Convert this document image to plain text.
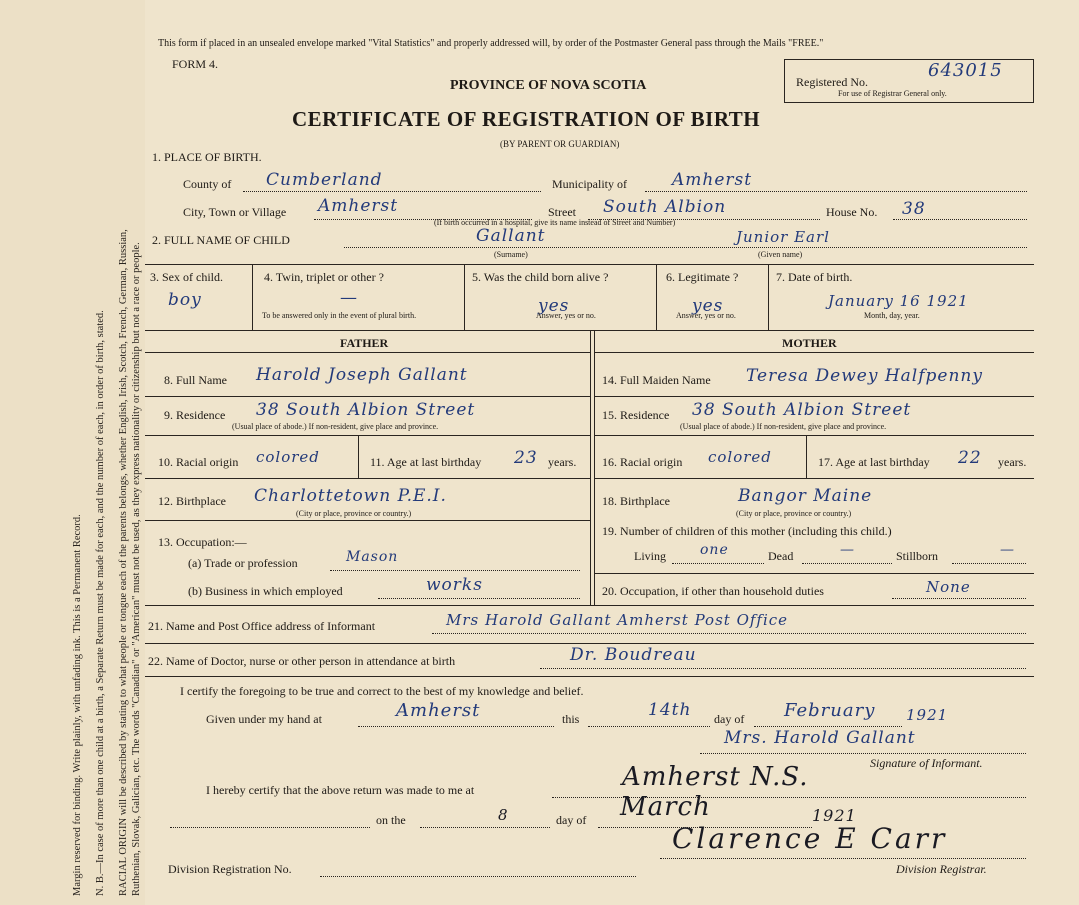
Margin reserved for binding. Write plainly, with unfading ink. This is a Permanent Record. N. B.—In case of more than one child at a birth, a Separate Return must be made for each, and the number of each, in order of birth, stated. RACIAL ORIGIN will be described by stating to what people or tongue each of the parents belongs, whether English, Irish, Scotch, French, German, Russian, Ruthenian, Slovak, Galician, etc. The words "Canadian" or "American" must not be used, as they express nationality or citizenship but not a race or people.
This form if placed in an unsealed envelope marked "Vital Statistics" and properly addressed will, by order of the Postmaster General pass through the Mails "FREE."
FORM 4.
PROVINCE OF NOVA SCOTIA
CERTIFICATE OF REGISTRATION OF BIRTH
(BY PARENT OR GUARDIAN)
Registered No.
643015
For use of Registrar General only.
1. PLACE OF BIRTH.
County of Cumberland	Municipality of	Amherst
City, Town or Village Amherst	Street South Albion	House No. 38
(If birth occurred in a hospital, give its name instead of Street and Number)
2. FULL NAME OF CHILD	Gallant
(Surname)
Junior Earl
(Given name)
3. Sex of child.
boy
4. Twin, triplet or other ?
—
To be answered only in the event of plural birth.
5. Was the child born alive ?
yes
Answer, yes or no.
6. Legitimate ?
yes
Answer, yes or no.
7. Date of birth.
January 16 1921
Month, day, year.
FATHER	MOTHER
8. Full Name Harold Joseph Gallant
9. Residence 38 South Albion Street
(Usual place of abode.) If non-resident, give place and province.
10. Racial origin colored	11. Age at last birthday 23 years.
12. Birthplace Charlottetown P.E.I.
(City or place, province or country.)
13. Occupation:—
(a) Trade or profession	Mason
(b) Business in which employed	works
14. Full Maiden Name Teresa Dewey Halfpenny
15. Residence 38 South Albion Street
(Usual place of abode.) If non-resident, give place and province.
16. Racial origin colored	17. Age at last birthday 22 years.
18. Birthplace	Bangor Maine
(City or place, province or country.)
19. Number of children of this mother (including this child.)
Living one	Dead	—	Stillborn	—
20. Occupation, if other than household duties	None
21. Name and Post Office address of Informant	Mrs Harold Gallant Amherst Post Office
22. Name of Doctor, nurse or other person in attendance at birth	Dr. Boudreau
I certify the foregoing to be true and correct to the best of my knowledge and belief.
Given under my hand at	Amherst	this	14th day of February 1921
Mrs. Harold Gallant
Signature of Informant.
I hereby certify that the above return was made to me at	Amherst N.S.
on the	8	day of March	1921
Clarence E Carr
Division Registration No.	Division Registrar.
